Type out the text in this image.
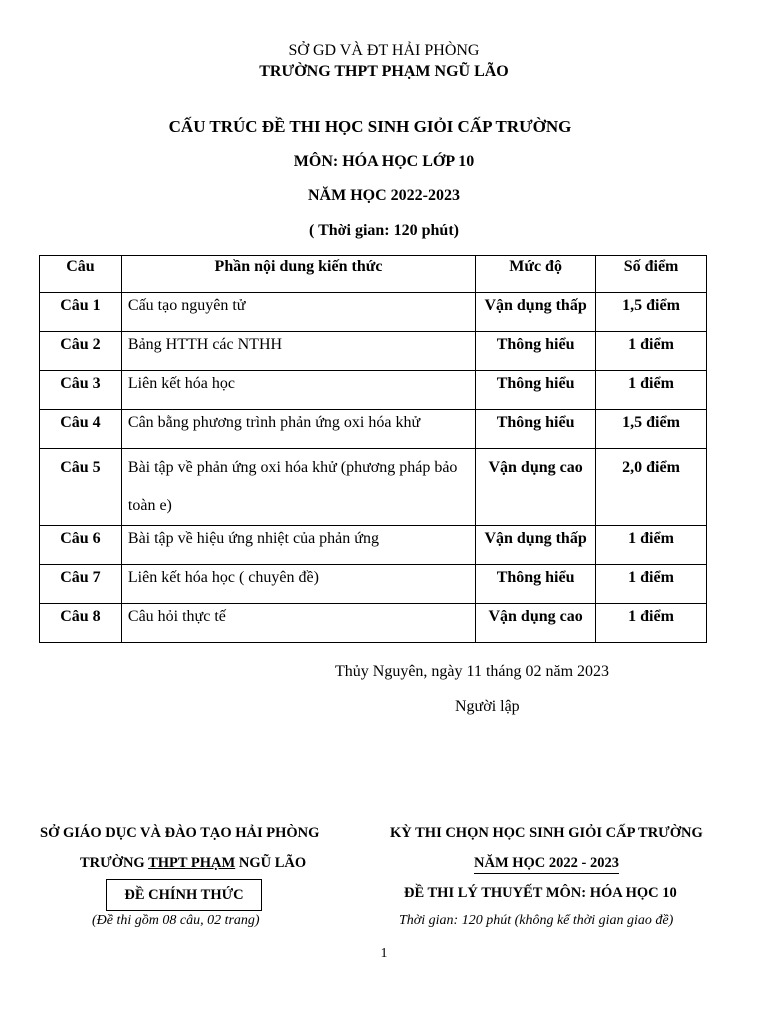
SỞ GD VÀ ĐT HẢI PHÒNG
TRƯỜNG THPT PHẠM NGŨ LÃO
CẤU TRÚC ĐỀ THI HỌC SINH GIỎI CẤP TRƯỜNG
MÔN: HÓA HỌC LỚP 10
NĂM HỌC 2022-2023
( Thời gian: 120 phút)
Câu	Phần nội dung kiến thức	Mức độ	Số điểm
Câu 1	Cấu tạo nguyên tử	Vận dụng thấp	1,5 điểm
Câu 2	Bảng HTTH các NTHH	Thông hiểu	1 điểm
Câu 3	Liên kết hóa học	Thông hiểu	1 điểm
Câu 4	Cân bằng phương trình phản ứng oxi hóa khử	Thông hiểu	1,5 điểm
Câu 5	Bài tập về phản ứng oxi hóa khử (phương pháp bảo toàn e)	Vận dụng cao	2,0 điểm
Câu 6	Bài tập về hiệu ứng nhiệt của phản ứng	Vận dụng thấp	1 điểm
Câu 7	Liên kết hóa học ( chuyên đề)	Thông hiểu	1 điểm
Câu 8	Câu hỏi thực tế	Vận dụng cao	1 điểm
Thủy Nguyên, ngày 11 tháng 02 năm 2023
Người lập
SỞ GIÁO DỤC VÀ ĐÀO TẠO HẢI PHÒNG
TRƯỜNG THPT PHẠM NGŨ LÃO
ĐỀ CHÍNH THỨC
(Đề thi gồm 08 câu, 02 trang)
KỲ THI CHỌN HỌC SINH GIỎI CẤP TRƯỜNG
NĂM HỌC 2022 - 2023
ĐỀ THI LÝ THUYẾT MÔN: HÓA HỌC 10
Thời gian: 120 phút (không kể thời gian giao đề)
1
